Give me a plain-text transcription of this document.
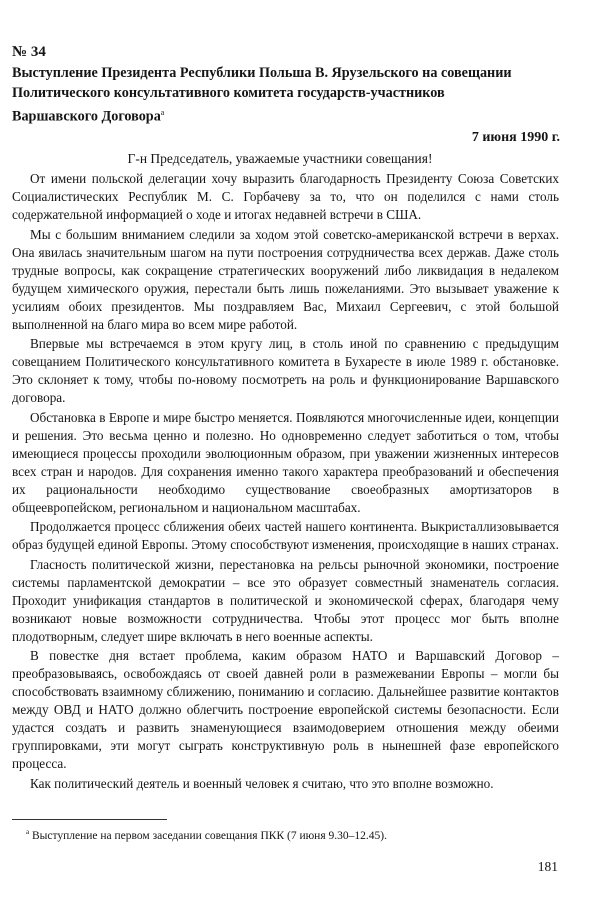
№ 34
Выступление Президента Республики Польша В. Ярузельского на совещании Политического консультативного комитета государств-участников Варшавского Договора$^а$
7 июня 1990 г.
Г-н Председатель, уважаемые участники совещания!

От имени польской делегации хочу выразить благодарность Президенту Союза Советских Социалистических Республик М. С. Горбачеву за то, что он поделился с нами столь содержательной информацией о ходе и итогах недавней встречи в США.

Мы с большим вниманием следили за ходом этой советско-американской встречи в верхах. Она явилась значительным шагом на пути построения сотрудничества всех держав. Даже столь трудные вопросы, как сокращение стратегических вооружений либо ликвидация в недалеком будущем химического оружия, перестали быть лишь пожеланиями. Это вызывает уважение к усилиям обоих президентов. Мы поздравляем Вас, Михаил Сергеевич, с этой большой выполненной на благо мира во всем мире работой.

Впервые мы встречаемся в этом кругу лиц, в столь иной по сравнению с предыдущим совещанием Политического консультативного комитета в Бухаресте в июле 1989 г. обстановке. Это склоняет к тому, чтобы по-новому посмотреть на роль и функционирование Варшавского договора.

Обстановка в Европе и мире быстро меняется. Появляются многочисленные идеи, концепции и решения. Это весьма ценно и полезно. Но одновременно следует заботиться о том, чтобы имеющиеся процессы проходили эволюционным образом, при уважении жизненных интересов всех стран и народов. Для сохранения именно такого характера преобразований и обеспечения их рациональности необходимо существование своеобразных амортизаторов в общеевропейском, региональном и национальном масштабах.

Продолжается процесс сближения обеих частей нашего континента. Выкристаллизовывается образ будущей единой Европы. Этому способствуют изменения, происходящие в наших странах.

Гласность политической жизни, перестановка на рельсы рыночной экономики, построение системы парламентской демократии – все это образует совместный знаменатель согласия. Проходит унификация стандартов в политической и экономической сферах, благодаря чему возникают новые возможности сотрудничества. Чтобы этот процесс мог быть вполне плодотворным, следует шире включать в него военные аспекты.

В повестке дня встает проблема, каким образом НАТО и Варшавский Договор – преобразовываясь, освобождаясь от своей давней роли в размежевании Европы – могли бы способствовать взаимному сближению, пониманию и согласию. Дальнейшее развитие контактов между ОВД и НАТО должно облегчить построение европейской системы безопасности. Если удастся создать и развить знаменующиеся взаимодоверием отношения между обеими группировками, эти могут сыграть конструктивную роль в нынешней фазе европейского процесса.

Как политический деятель и военный человек я считаю, что это вполне возможно.

$^а$ Выступление на первом заседании совещания ПКК (7 июня 9.30–12.45).
181
